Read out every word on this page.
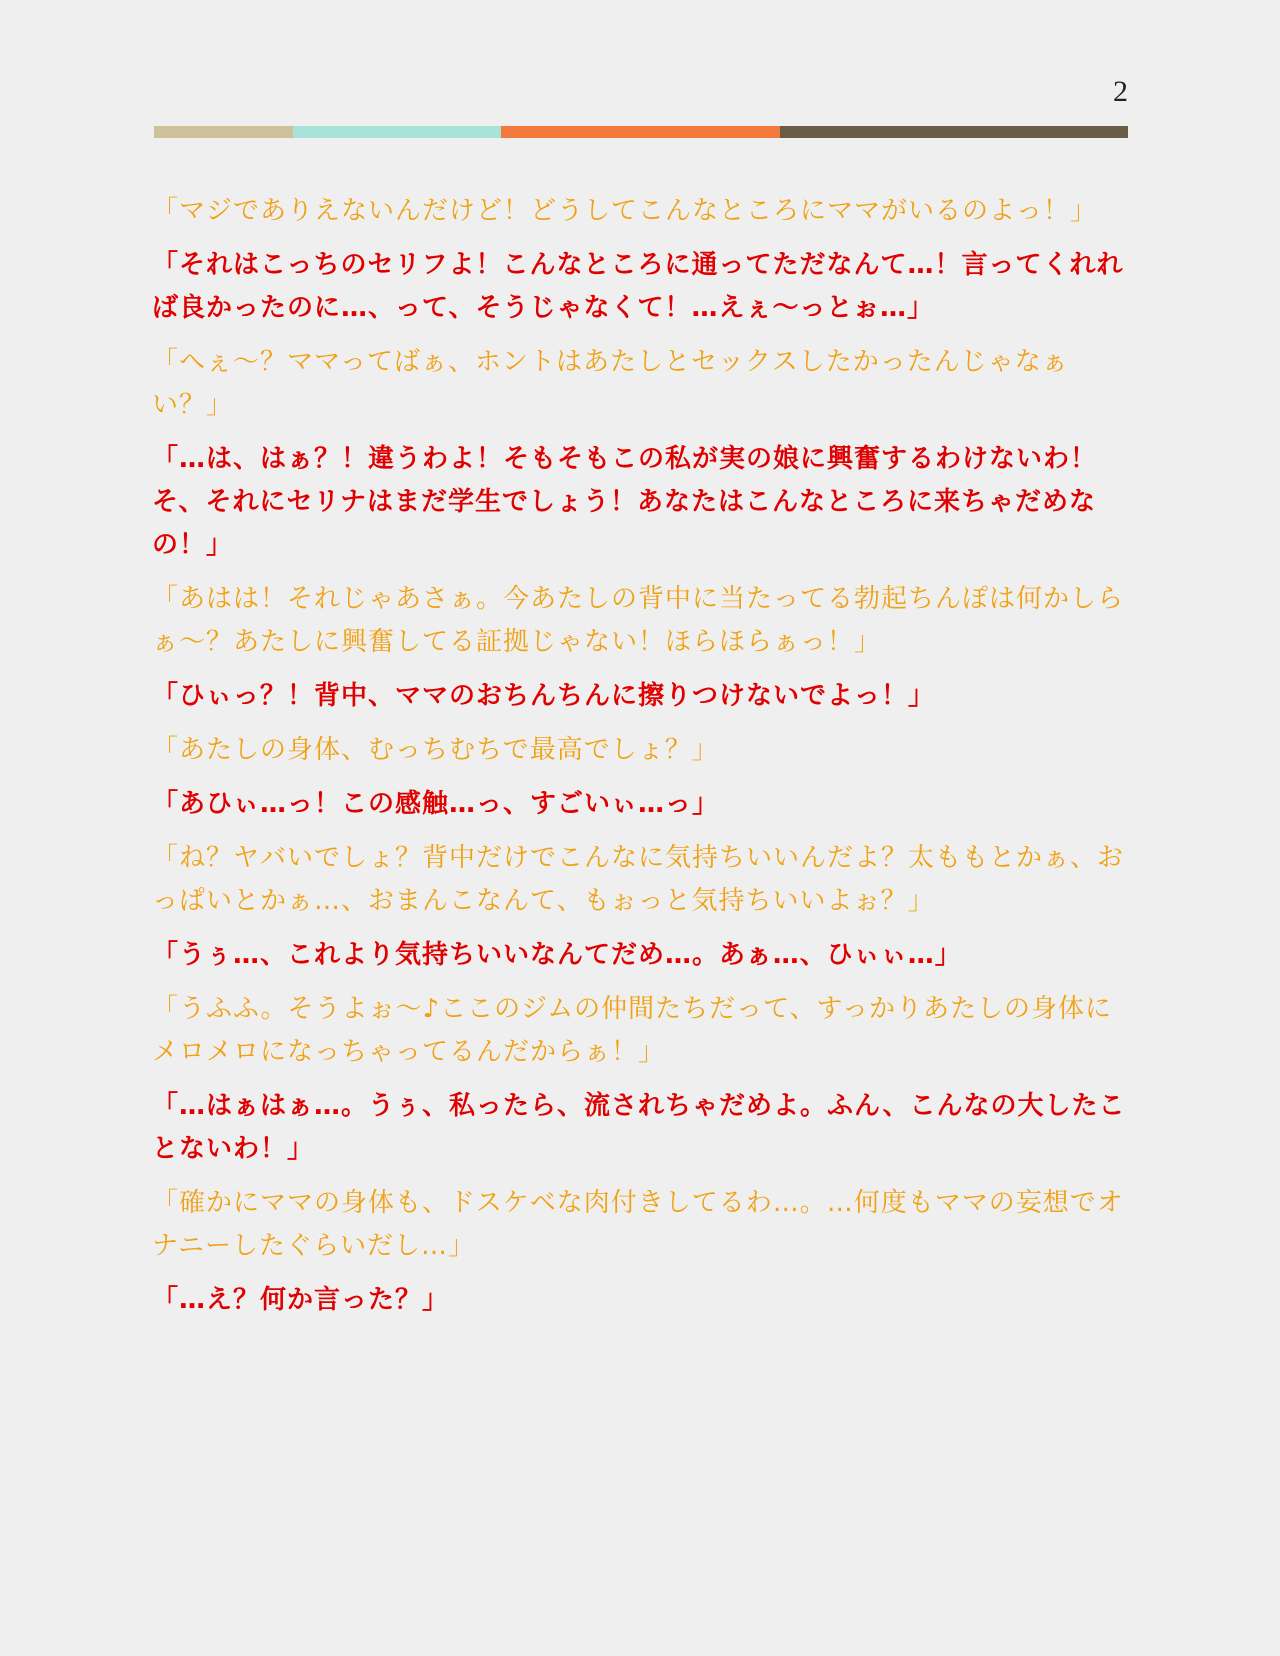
2

「マジでありえないんだけど！どうしてこんなところにママがいるのよっ！」

「それはこっちのセリフよ！こんなところに通ってただなんて…！言ってくれれば良かったのに…、って、そうじゃなくて！…えぇ〜っとぉ…」

「へぇ〜？ママってばぁ、ホントはあたしとセックスしたかったんじゃなぁい？」

「…は、はぁ？！違うわよ！そもそもこの私が実の娘に興奮するわけないわ！そ、それにセリナはまだ学生でしょう！あなたはこんなところに来ちゃだめなの！」

「あはは！それじゃあさぁ。今あたしの背中に当たってる勃起ちんぽは何かしらぁ〜？あたしに興奮してる証拠じゃない！ほらほらぁっ！」

「ひぃっ？！背中、ママのおちんちんに擦りつけないでよっ！」

「あたしの身体、むっちむちで最高でしょ？」

「あひぃ…っ！この感触…っ、すごいぃ…っ」

「ね？ヤバいでしょ？背中だけでこんなに気持ちいいんだよ？太ももとかぁ、おっぱいとかぁ…、おまんこなんて、もぉっと気持ちいいよぉ？」

「うぅ…、これより気持ちいいなんてだめ…。あぁ…、ひぃぃ…」

「うふふ。そうよぉ〜♪ここのジムの仲間たちだって、すっかりあたしの身体にメロメロになっちゃってるんだからぁ！」

「…はぁはぁ…。うぅ、私ったら、流されちゃだめよ。ふん、こんなの大したことないわ！」

「確かにママの身体も、ドスケベな肉付きしてるわ…。…何度もママの妄想でオナニーしたぐらいだし…」

「…え？何か言った？」
